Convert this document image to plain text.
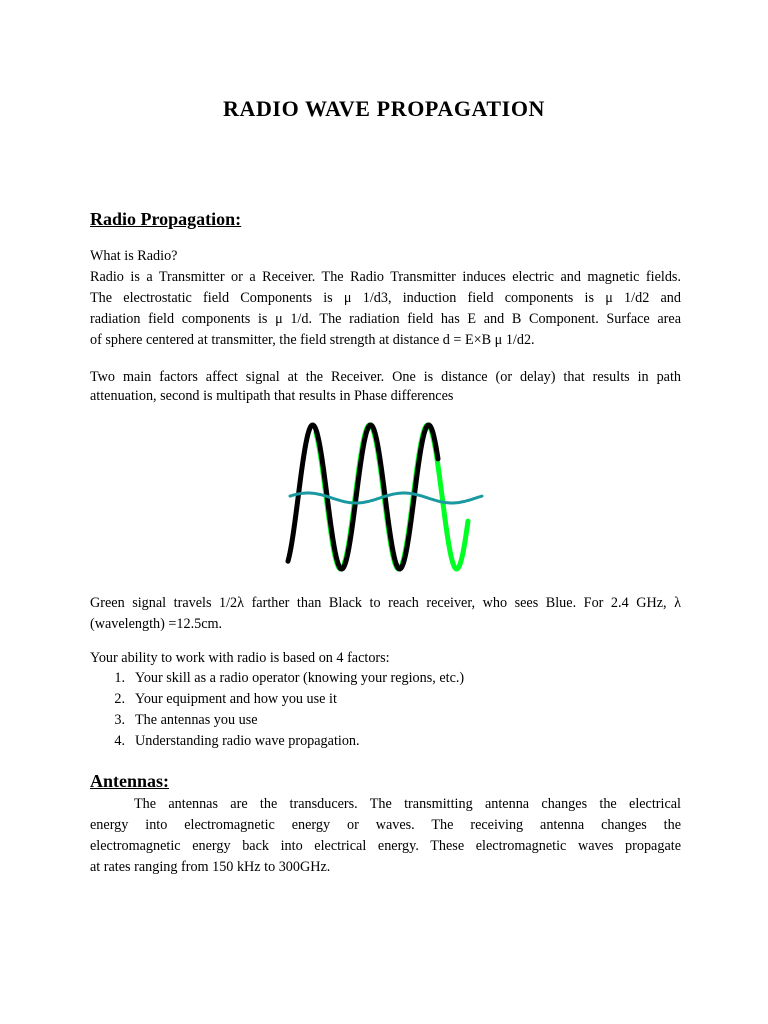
RADIO WAVE PROPAGATION
Radio Propagation:
What is Radio?
Radio is a Transmitter or a Receiver. The Radio Transmitter induces electric and magnetic fields.
The electrostatic field Components is μ 1/d3, induction field components is μ 1/d2 and
radiation field components is μ 1/d. The radiation field has E and B Component. Surface area
of sphere centered at transmitter, the field strength at distance d = E×B μ 1/d2.
Two main factors affect signal at the Receiver. One is distance (or delay) that results in path
attenuation, second is multipath that results in Phase differences
Green signal travels 1/2λ farther than Black to reach receiver, who sees Blue. For 2.4 GHz, λ
(wavelength) =12.5cm.
Your ability to work with radio is based on 4 factors:
1. Your skill as a radio operator (knowing your regions, etc.)
2. Your equipment and how you use it
3. The antennas you use
4. Understanding radio wave propagation.
Antennas:
The antennas are the transducers. The transmitting antenna changes the electrical
energy into electromagnetic energy or waves. The receiving antenna changes the
electromagnetic energy back into electrical energy. These electromagnetic waves propagate
at rates ranging from 150 kHz to 300GHz.
